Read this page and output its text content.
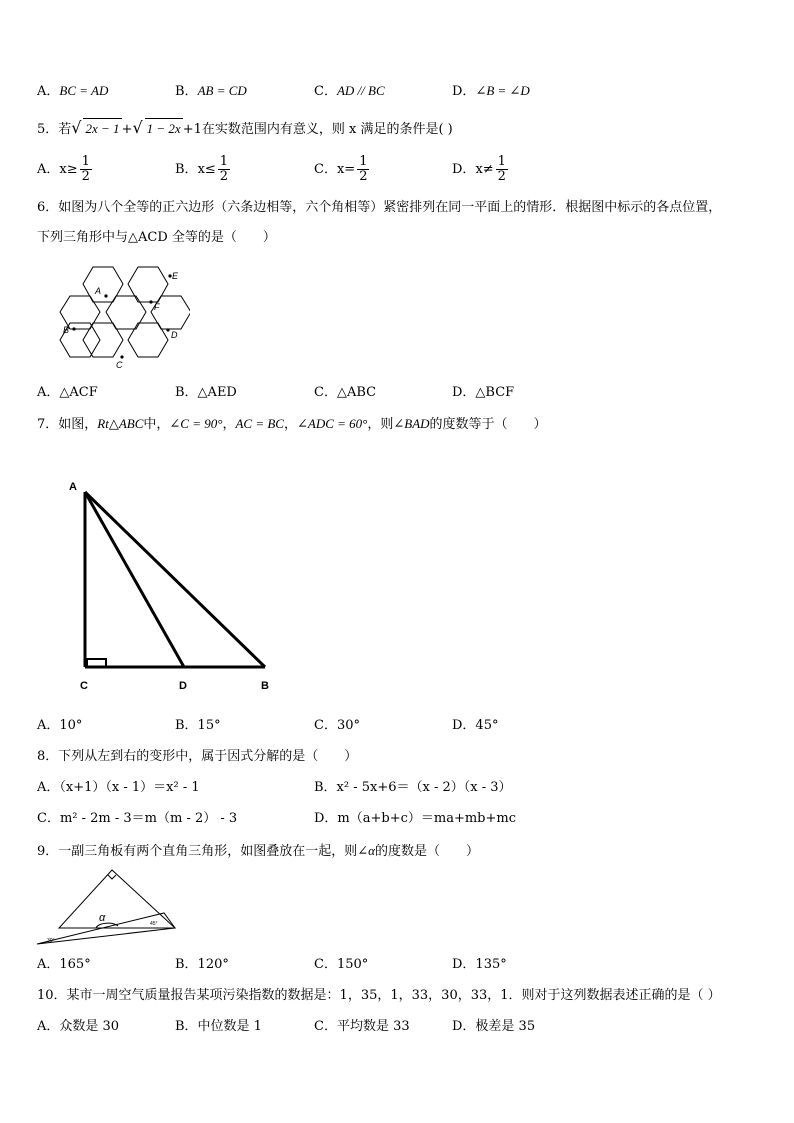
A．BC = AD	B．AB = CD	C．AD // BC	D．∠B = ∠D
5．若√ 2x − 1 +√ 1 − 2x +1在实数范围内有意义，则 x 满足的条件是( )
A．$x\ge \frac{1}{2}$	B．$x\le \frac{1}{2}$	C．$x= \frac{1}{2}$	D．$x\ne \frac{1}{2}$
6．如图为八个全等的正六边形（六条边相等，六个角相等）紧密排列在同一平面上的情形．根据图中标示的各点位置，
下列三角形中与△ACD 全等的是（　　）
A
E
F
B	D
C
A．△ACF	B．△AED	C．△ABC	D．△BCF
7．如图，Rt△ABC中，∠C = 90°，AC = BC，∠ADC = 60°，则∠BAD的度数等于（　　）
A
C	D	B
A．10°	B．15°	C．30°	D．45°
8．下列从左到右的变形中，属于因式分解的是（　　）
A．（x+1）（x - 1）＝x² - 1	B．x² - 5x+6＝（x - 2）（x - 3）
C．m² - 2m - 3＝m（m - 2） - 3	D．m（a+b+c）＝ma+mb+mc
9．一副三角板有两个直角三角形，如图叠放在一起，则∠α的度数是（　　）
α
30°
45°
A．165°	B．120°	C．150°	D．135°
10．某市一周空气质量报告某项污染指数的数据是：1，35，1，33，30，33，1．则对于这列数据表述正确的是（ ）
A．众数是 30	B．中位数是 1	C．平均数是 33	D．极差是 35
